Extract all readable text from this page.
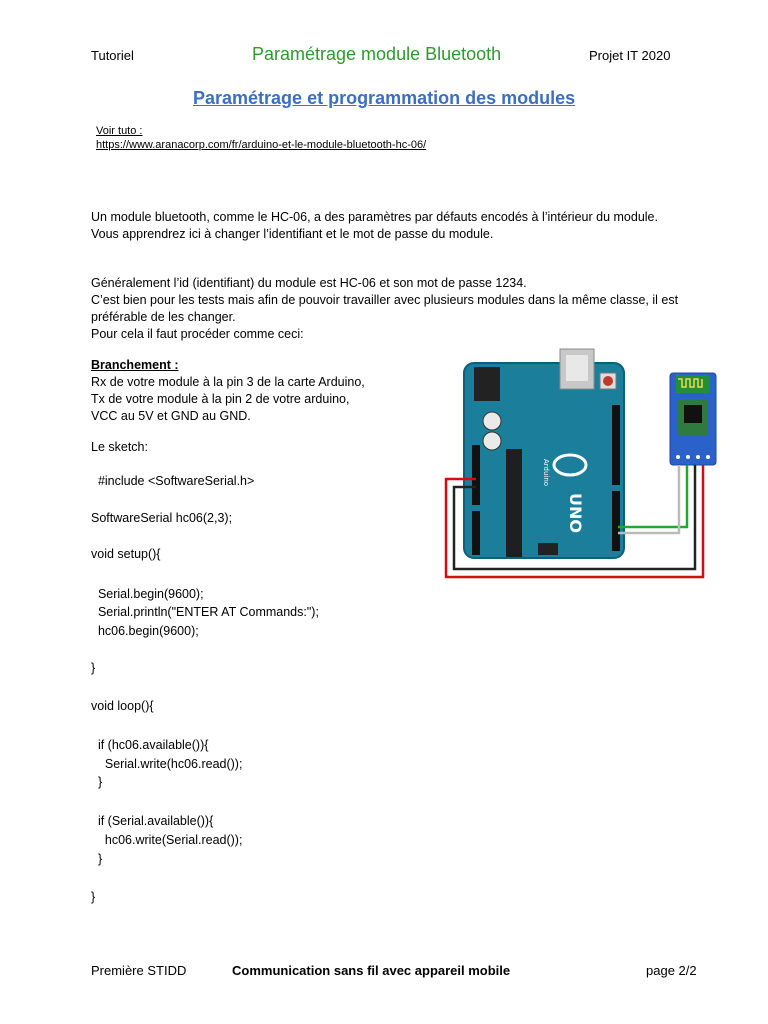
Tutoriel	Paramétrage module Bluetooth	Projet IT 2020
Paramétrage et programmation des modules
Voir tuto :
https://www.aranacorp.com/fr/arduino-et-le-module-bluetooth-hc-06/

Un module bluetooth, comme le HC-06, a des paramètres par défauts encodés à l’intérieur du module.

Vous apprendrez ici à changer l’identifiant et le mot de passe du module.

Généralement l’id (identifiant) du module est HC-06 et son mot de passe 1234.

C’est bien pour les tests mais afin de pouvoir travailler avec plusieurs modules dans la même classe, il est préférable de les changer.

Pour cela il faut procéder comme ceci:

Branchement :

Rx de votre module à la pin 3 de la carte Arduino,

Tx de votre module à la pin 2 de votre arduino,

VCC au 5V et GND au GND.

Le sketch:
#include <SoftwareSerial.h>
SoftwareSerial hc06(2,3);
void setup(){
Serial.begin(9600);
Serial.println("ENTER AT Commands:");
hc06.begin(9600);
}
void loop(){
if (hc06.available()){
Serial.write(hc06.read());
}
if (Serial.available()){
hc06.write(Serial.read());
}
}
UNO
Arduino
Première STIDD	Communication sans fil avec appareil mobile	page 2/2
